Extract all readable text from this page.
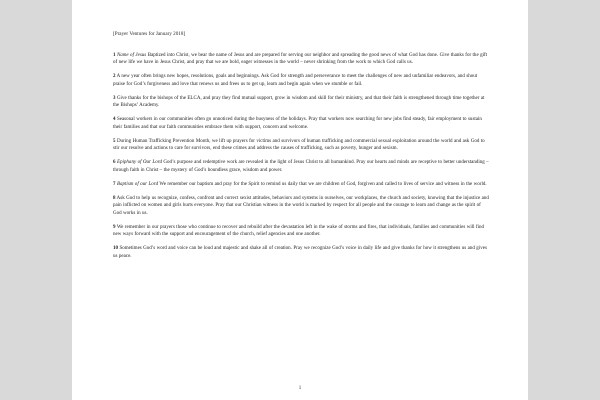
[Prayer Ventures for January 2018]

1 Name of Jesus Baptized into Christ, we bear the name of Jesus and are prepared for serving our neighbor and spreading the good news of what God has done. Give thanks for the gift of new life we have in Jesus Christ, and pray that we are bold, eager witnesses in the world – never shrinking from the work to which God calls us.

2 A new year often brings new hopes, resolutions, goals and beginnings. Ask God for strength and perseverance to meet the challenges of new and unfamiliar endeavors, and shout praise for God’s forgiveness and love that renews us and frees us to get up, learn and begin again when we stumble or fail.

3 Give thanks for the bishops of the ELCA, and pray they find mutual support, grow in wisdom and skill for their ministry, and that their faith is strengthened through time together at the Bishops’ Academy.

4 Seasonal workers in our communities often go unnoticed during the busyness of the holidays. Pray that workers now searching for new jobs find steady, fair employment to sustain their families and that our faith communities embrace them with support, concern and welcome.

5 During Human Trafficking Prevention Month, we lift up prayers for victims and survivors of human trafficking and commercial sexual exploitation around the world and ask God to stir our resolve and actions to care for survivors, end these crimes and address the causes of trafficking, such as poverty, hunger and sexism.

6 Epiphany of Our Lord God’s purpose and redemptive work are revealed in the light of Jesus Christ to all humankind. Pray our hearts and minds are receptive to better understanding – through faith in Christ – the mystery of God’s boundless grace, wisdom and power.

7 Baptism of our Lord We remember our baptism and pray for the Spirit to remind us daily that we are children of God, forgiven and called to lives of service and witness in the world.

8 Ask God to help us recognize, confess, confront and correct sexist attitudes, behaviors and systems in ourselves, our workplaces, the church and society, knowing that the injustice and pain inflicted on women and girls hurts everyone. Pray that our Christian witness in the world is marked by respect for all people and the courage to learn and change as the spirit of God works in us.

9 We remember in our prayers those who continue to recover and rebuild after the devastation left in the wake of storms and fires, that individuals, families and communities will find new ways forward with the support and encouragement of the church, relief agencies and one another.

10 Sometimes God’s word and voice can be loud and majestic and shake all of creation. Pray we recognize God’s voice in daily life and give thanks for how it strengthens us and gives us peace.

1
